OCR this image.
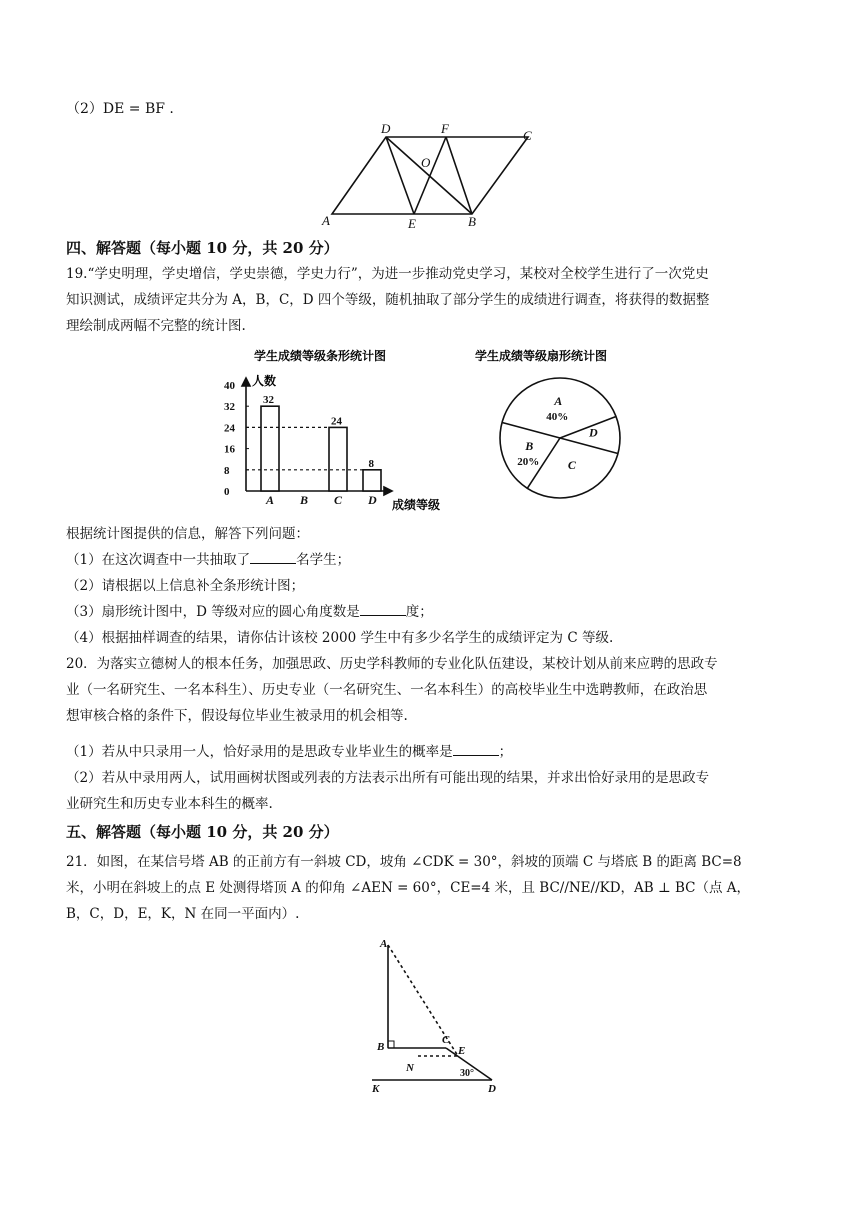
（2）DE = BF .
D	F	C
O
A	E	B
四、解答题（每小题 10 分，共 20 分）
19.“学史明理，学史增信，学史崇德，学史力行”，为进一步推动党史学习，某校对全校学生进行了一次党史
知识测试，成绩评定共分为 A，B，C，D 四个等级，随机抽取了部分学生的成绩进行调查，将获得的数据整
理绘制成两幅不完整的统计图.
学生成绩等级条形统计图
人数
0
8
16
24
32
40
A
32
B C
24
D
8
成绩等级
学生成绩等级扇形统计图
A
40%
D
C
B
20%
根据统计图提供的信息，解答下列问题：
（1）在这次调查中一共抽取了	名学生；
（2）请根据以上信息补全条形统计图；
（3）扇形统计图中，D 等级对应的圆心角度数是	度；
（4）根据抽样调查的结果，请你估计该校 2000 学生中有多少名学生的成绩评定为 C 等级.
20．为落实立德树人的根本任务，加强思政、历史学科教师的专业化队伍建设，某校计划从前来应聘的思政专
业（一名研究生、一名本科生）、历史专业（一名研究生、一名本科生）的高校毕业生中选聘教师，在政治思
想审核合格的条件下，假设每位毕业生被录用的机会相等.
（1）若从中只录用一人，恰好录用的是思政专业毕业生的概率是	；
（2）若从中录用两人，试用画树状图或列表的方法表示出所有可能出现的结果，并求出恰好录用的是思政专
业研究生和历史专业本科生的概率.
五、解答题（每小题 10 分，共 20 分）
21．如图，在某信号塔 AB 的正前方有一斜坡 CD，坡角 ∠CDK = 30°，斜坡的顶端 C 与塔底 B 的距离 BC=8
米，小明在斜坡上的点 E 处测得塔顶 A 的仰角 ∠AEN = 60°，CE=4 米，且 BC//NE//KD，AB ⊥ BC（点 A，
B，C，D，E，K，N 在同一平面内）.
A
B
C
E
N
K	D
30°
